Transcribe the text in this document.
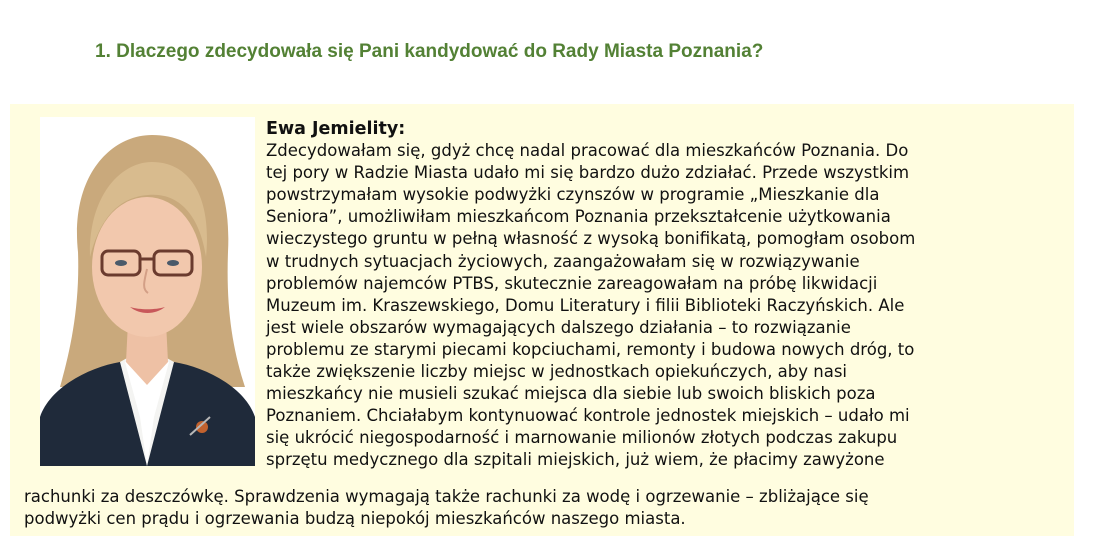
1. Dlaczego zdecydowała się Pani kandydować do Rady Miasta Poznania?
Ewa Jemielity:
Zdecydowałam się, gdyż chcę nadal pracować dla mieszkańców Poznania. Do
tej pory w Radzie Miasta udało mi się bardzo dużo zdziałać. Przede wszystkim
powstrzymałam wysokie podwyżki czynszów w programie „Mieszkanie dla
Seniora”, umożliwiłam mieszkańcom Poznania przekształcenie użytkowania
wieczystego gruntu w pełną własność z wysoką bonifikatą, pomogłam osobom
w trudnych sytuacjach życiowych, zaangażowałam się w rozwiązywanie
problemów najemców PTBS, skutecznie zareagowałam na próbę likwidacji
Muzeum im. Kraszewskiego, Domu Literatury i filii Biblioteki Raczyńskich. Ale
jest wiele obszarów wymagających dalszego działania – to rozwiązanie
problemu ze starymi piecami kopciuchami, remonty i budowa nowych dróg, to
także zwiększenie liczby miejsc w jednostkach opiekuńczych, aby nasi
mieszkańcy nie musieli szukać miejsca dla siebie lub swoich bliskich poza
Poznaniem. Chciałabym kontynuować kontrole jednostek miejskich – udało mi
się ukrócić niegospodarność i marnowanie milionów złotych podczas zakupu
sprzętu medycznego dla szpitali miejskich, już wiem, że płacimy zawyżone
rachunki za deszczówkę. Sprawdzenia wymagają także rachunki za wodę i ogrzewanie – zbliżające się
podwyżki cen prądu i ogrzewania budzą niepokój mieszkańców naszego miasta.
